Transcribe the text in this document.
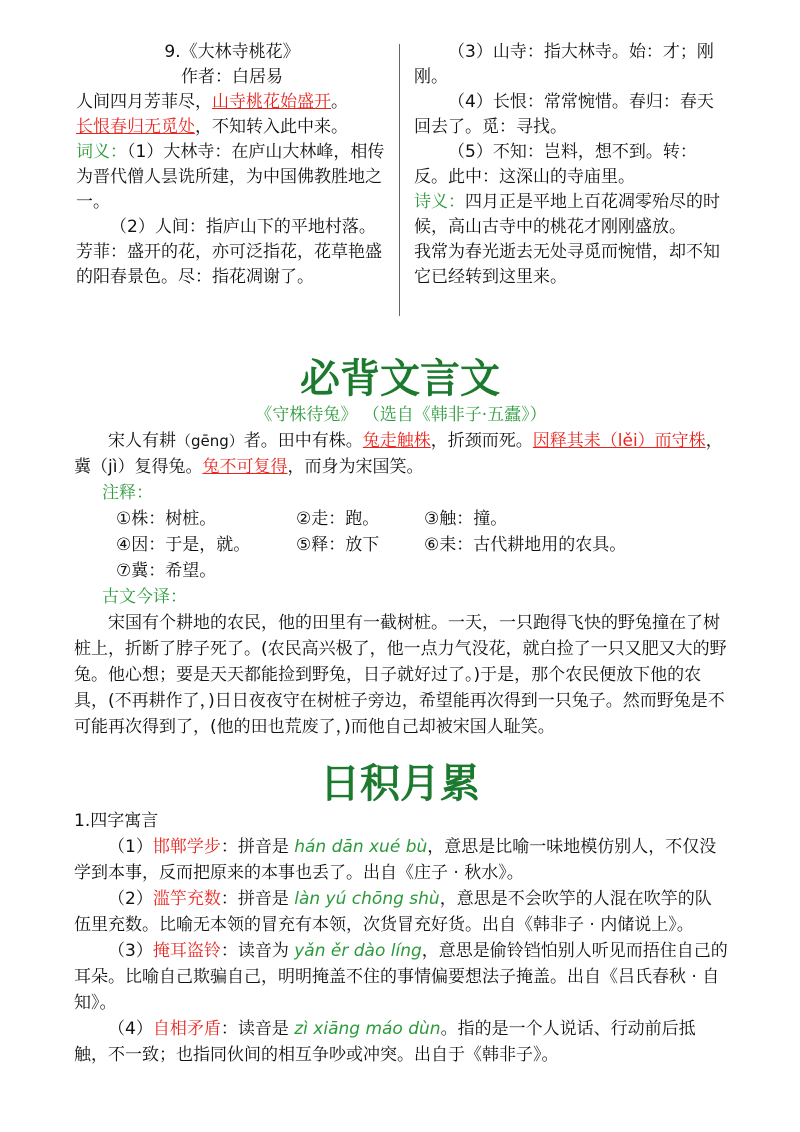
9.《大林寺桃花》

作者：白居易

人间四月芳菲尽，山寺桃花始盛开。

长恨春归无觅处，不知转入此中来。

词义：（1）大林寺：在庐山大林峰，相传为晋代僧人昙诜所建，为中国佛教胜地之一。

（2）人间：指庐山下的平地村落。芳菲：盛开的花，亦可泛指花，花草艳盛的阳春景色。尽：指花凋谢了。

（3）山寺：指大林寺。始：才；刚刚。

（4）长恨：常常惋惜。春归：春天回去了。觅：寻找。

（5）不知：岂料，想不到。转：反。此中：这深山的寺庙里。

诗义：四月正是平地上百花凋零殆尽的时候，高山古寺中的桃花才刚刚盛放。

我常为春光逝去无处寻觅而惋惜，却不知它已经转到这里来。

必背文言文

《守株待兔》 （选自《韩非子·五蠹》）

宋人有耕（gēng）者。田中有株。兔走触株，折颈而死。因释其耒（lěi）而守株，冀（jì）复得兔。兔不可复得，而身为宋国笑。

注释：

①株：树桩。	②走：跑。	③触：撞。
④因：于是，就。	⑤释：放下	⑥耒：古代耕地用的农具。
⑦冀：希望。

古文今译：

宋国有个耕地的农民，他的田里有一截树桩。一天，一只跑得飞快的野兔撞在了树桩上，折断了脖子死了。(农民高兴极了，他一点力气没花，就白捡了一只又肥又大的野兔。他心想；要是天天都能捡到野兔，日子就好过了。)于是，那个农民便放下他的农具，(不再耕作了，)日日夜夜守在树桩子旁边，希望能再次得到一只兔子。然而野兔是不可能再次得到了，(他的田也荒废了，)而他自己却被宋国人耻笑。

日积月累

1.四字寓言

（1）邯郸学步：拼音是 hán dān xué bù，意思是比喻一味地模仿别人，不仅没学到本事，反而把原来的本事也丢了。出自《庄子 · 秋水》。

（2）滥竽充数：拼音是 làn yú chōng shù，意思是不会吹竽的人混在吹竽的队伍里充数。比喻无本领的冒充有本领，次货冒充好货。出自《韩非子 · 内储说上》。

（3）掩耳盗铃：读音为 yǎn ěr dào líng，意思是偷铃铛怕别人听见而捂住自己的耳朵。比喻自己欺骗自己，明明掩盖不住的事情偏要想法子掩盖。出自《吕氏春秋 · 自知》。

（4）自相矛盾：读音是 zì xiāng máo dùn。指的是一个人说话、行动前后抵触，不一致；也指同伙间的相互争吵或冲突。出自于《韩非子》。
